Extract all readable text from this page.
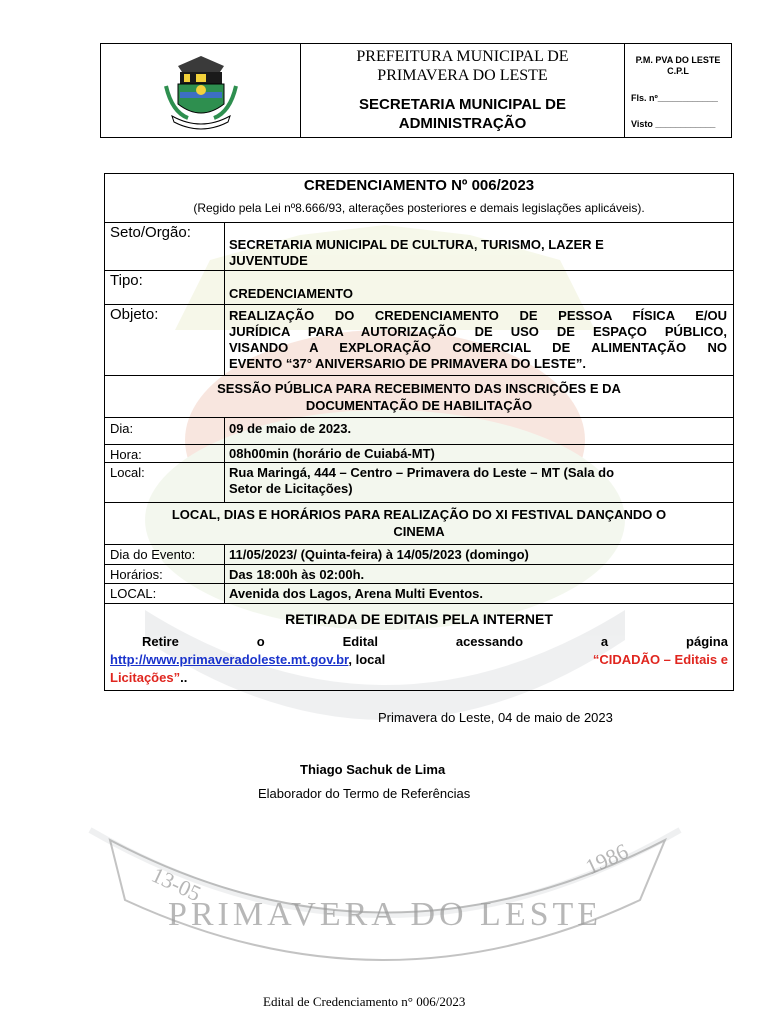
PRIMAVERA DO LESTE
13-05
1986
PREFEITURA MUNICIPAL DE
PRIMAVERA DO LESTE
SECRETARIA MUNICIPAL DE
ADMINISTRAÇÃO
P.M. PVA DO LESTE
C.P.L
Fls. nº____________
Visto ____________
CREDENCIAMENTO Nº 006/2023
(Regido pela Lei nº8.666/93, alterações posteriores e demais legislações aplicáveis).
Seto/Orgão:
SECRETARIA MUNICIPAL DE CULTURA, TURISMO, LAZER E
JUVENTUDE
Tipo:
CREDENCIAMENTO
Objeto:	REALIZAÇÃO DO CREDENCIAMENTO DE PESSOA FÍSICA E/OU
JURÍDICA PARA AUTORIZAÇÃO DE USO DE ESPAÇO PÚBLICO,
VISANDO A EXPLORAÇÃO COMERCIAL DE ALIMENTAÇÃO NO
EVENTO “37° ANIVERSARIO DE PRIMAVERA DO LESTE”.
SESSÃO PÚBLICA PARA RECEBIMENTO DAS INSCRIÇÕES E DA
DOCUMENTAÇÃO DE HABILITAÇÃO
Dia:	09 de maio de 2023.
Hora:	08h00min (horário de Cuiabá-MT)
Local:	Rua Maringá, 444 – Centro – Primavera do Leste – MT (Sala do
Setor de Licitações)
LOCAL, DIAS E HORÁRIOS PARA REALIZAÇÃO DO XI FESTIVAL DANÇANDO O
CINEMA
Dia do Evento:	11/05/2023/ (Quinta-feira) à 14/05/2023 (domingo)
Horários:	Das 18:00h às 02:00h.
LOCAL:	Avenida dos Lagos, Arena Multi Eventos.
RETIRADA DE EDITAIS PELA INTERNET
Retire	o	Edital	acessando	a	página
http://www.primaveradoleste.mt.gov.br, local	“CIDADÃO – Editais e
Licitações”..
Primavera do Leste, 04 de maio de 2023
Thiago Sachuk de Lima
Elaborador do Termo de Referências
Edital de Credenciamento n° 006/2023
